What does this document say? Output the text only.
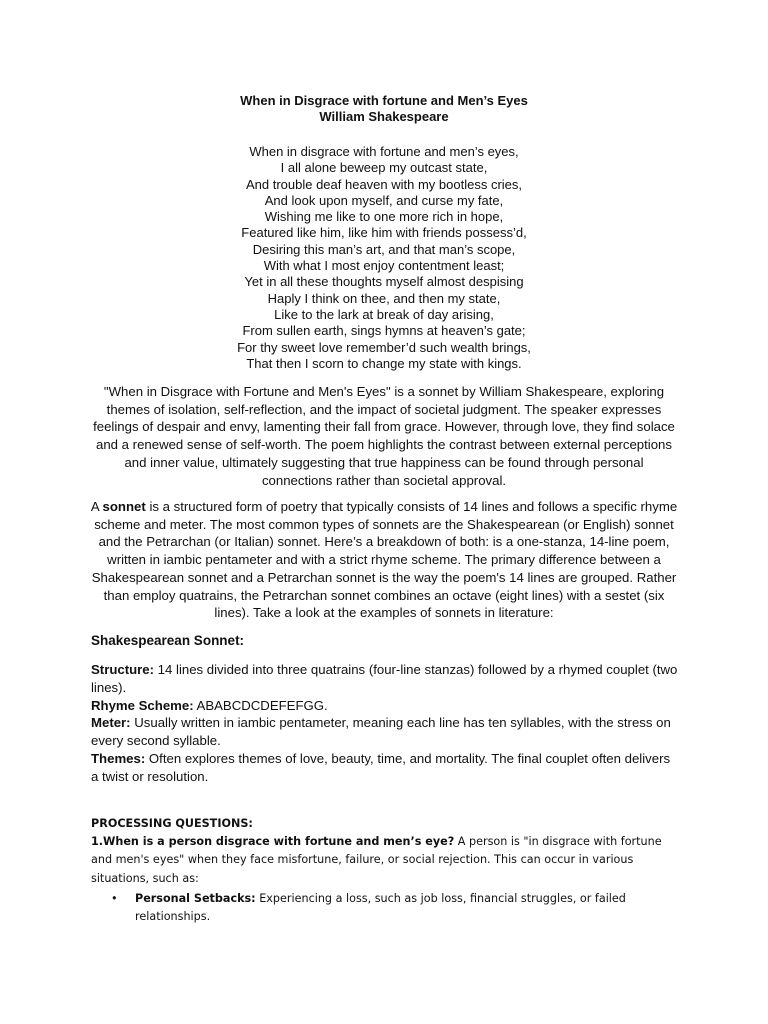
When in Disgrace with fortune and Men’s Eyes
William Shakespeare
When in disgrace with fortune and men’s eyes,
I all alone beweep my outcast state,
And trouble deaf heaven with my bootless cries,
And look upon myself, and curse my fate,
Wishing me like to one more rich in hope,
Featured like him, like him with friends possess’d,
Desiring this man’s art, and that man’s scope,
With what I most enjoy contentment least;
Yet in all these thoughts myself almost despising
Haply I think on thee, and then my state,
Like to the lark at break of day arising,
From sullen earth, sings hymns at heaven’s gate;
For thy sweet love remember’d such wealth brings,
That then I scorn to change my state with kings.

"When in Disgrace with Fortune and Men's Eyes" is a sonnet by William Shakespeare, exploring themes of isolation, self-reflection, and the impact of societal judgment. The speaker expresses feelings of despair and envy, lamenting their fall from grace. However, through love, they find solace and a renewed sense of self-worth. The poem highlights the contrast between external perceptions and inner value, ultimately suggesting that true happiness can be found through personal connections rather than societal approval.

A sonnet is a structured form of poetry that typically consists of 14 lines and follows a specific rhyme scheme and meter. The most common types of sonnets are the Shakespearean (or English) sonnet and the Petrarchan (or Italian) sonnet. Here’s a breakdown of both: is a one-stanza, 14-line poem, written in iambic pentameter and with a strict rhyme scheme. The primary difference between a Shakespearean sonnet and a Petrarchan sonnet is the way the poem's 14 lines are grouped. Rather than employ quatrains, the Petrarchan sonnet combines an octave (eight lines) with a sestet (six lines). Take a look at the examples of sonnets in literature:

Shakespearean Sonnet:

Structure: 14 lines divided into three quatrains (four-line stanzas) followed by a rhymed couplet (two lines).

Rhyme Scheme: ABABCDCDEFEFGG.

Meter: Usually written in iambic pentameter, meaning each line has ten syllables, with the stress on every second syllable.

Themes: Often explores themes of love, beauty, time, and mortality. The final couplet often delivers a twist or resolution.

PROCESSING QUESTIONS:

1.When is a person disgrace with fortune and men’s eye? A person is "in disgrace with fortune and men's eyes" when they face misfortune, failure, or social rejection. This can occur in various situations, such as:

• Personal Setbacks: Experiencing a loss, such as job loss, financial struggles, or failed relationships.
